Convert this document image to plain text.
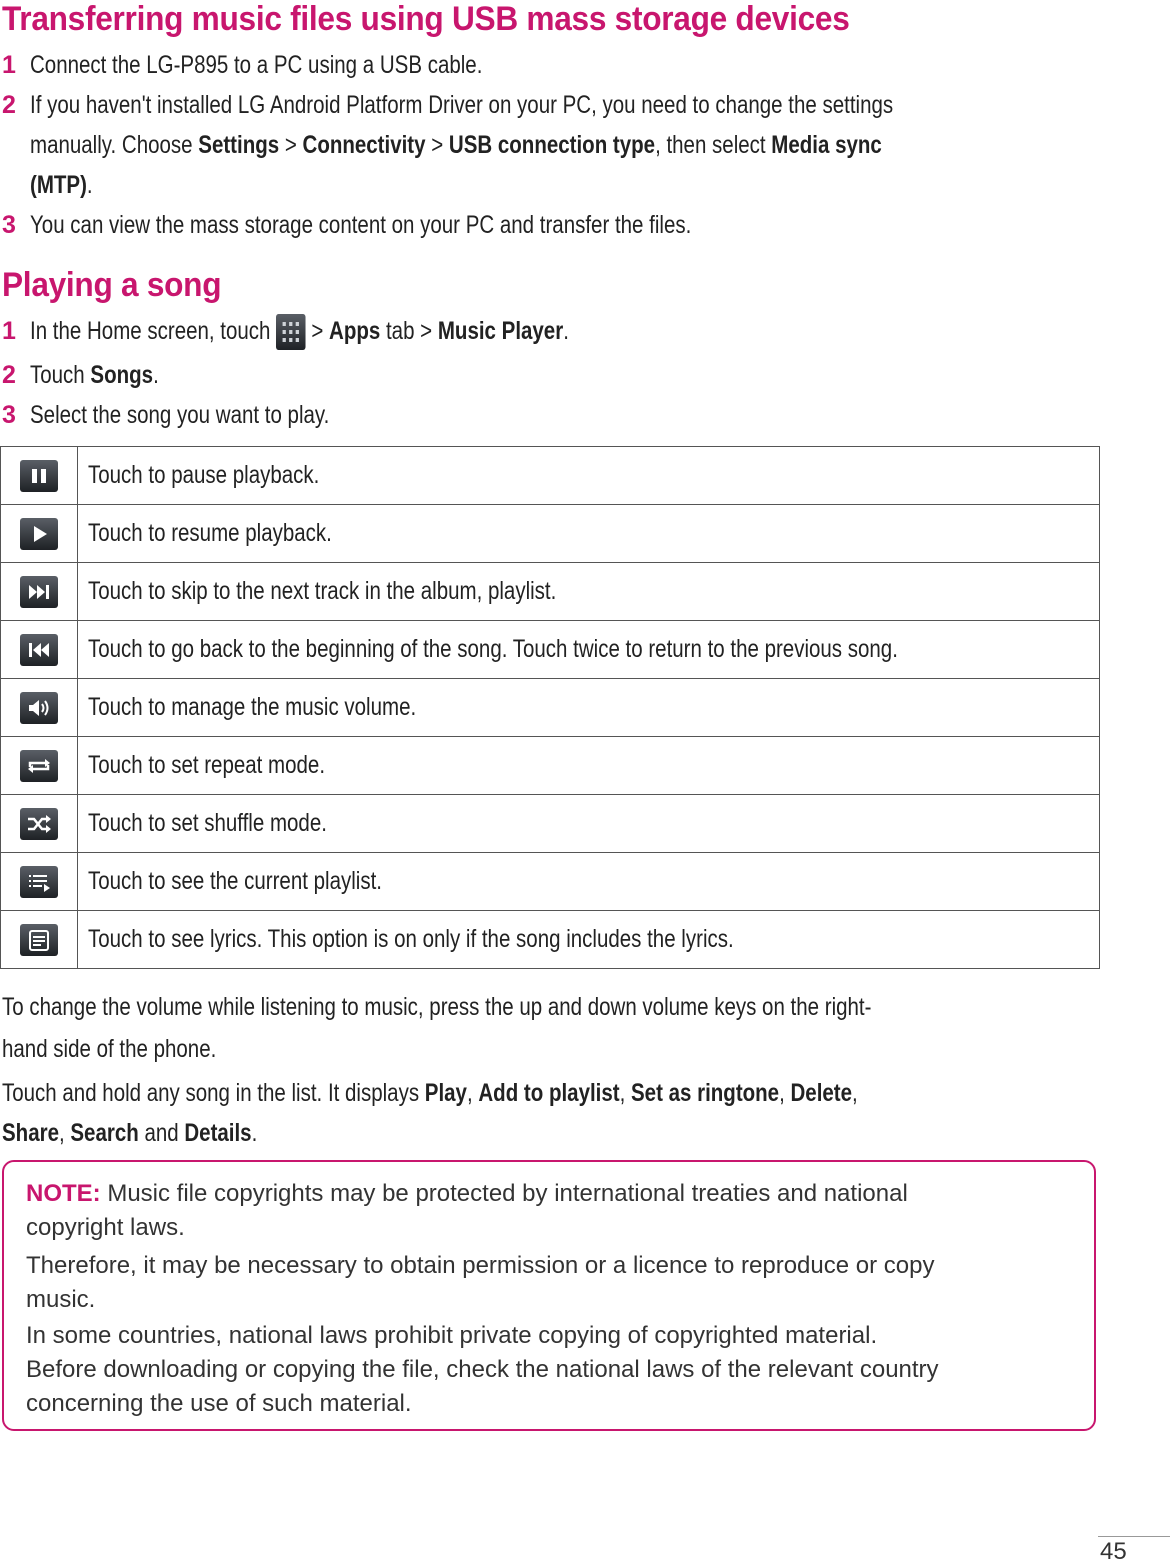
Transferring music files using USB mass storage devices
1 Connect the LG-P895 to a PC using a USB cable.
2 If you haven't installed LG Android Platform Driver on your PC, you need to change the settings
manually. Choose Settings > Connectivity > USB connection type, then select Media sync
(MTP).
3 You can view the mass storage content on your PC and transfer the files.
Playing a song
1 In the Home screen, touch
> Apps tab > Music Player.
2 Touch Songs.
3 Select the song you want to play.
	Touch to pause playback.

	Touch to resume playback.

	Touch to skip to the next track in the album, playlist.

	Touch to go back to the beginning of the song. Touch twice to return to the previous song.

	Touch to manage the music volume.

	Touch to set repeat mode.

	Touch to set shuffle mode.

	Touch to see the current playlist.

	Touch to see lyrics. This option is on only if the song includes the lyrics.
To change the volume while listening to music, press the up and down volume keys on the right-
hand side of the phone.
Touch and hold any song in the list. It displays Play, Add to playlist, Set as ringtone, Delete,
Share, Search and Details.
NOTE: Music file copyrights may be protected by international treaties and national
copyright laws.
Therefore, it may be necessary to obtain permission or a licence to reproduce or copy
music.
In some countries, national laws prohibit private copying of copyrighted material.
Before downloading or copying the file, check the national laws of the relevant country
concerning the use of such material.
45
